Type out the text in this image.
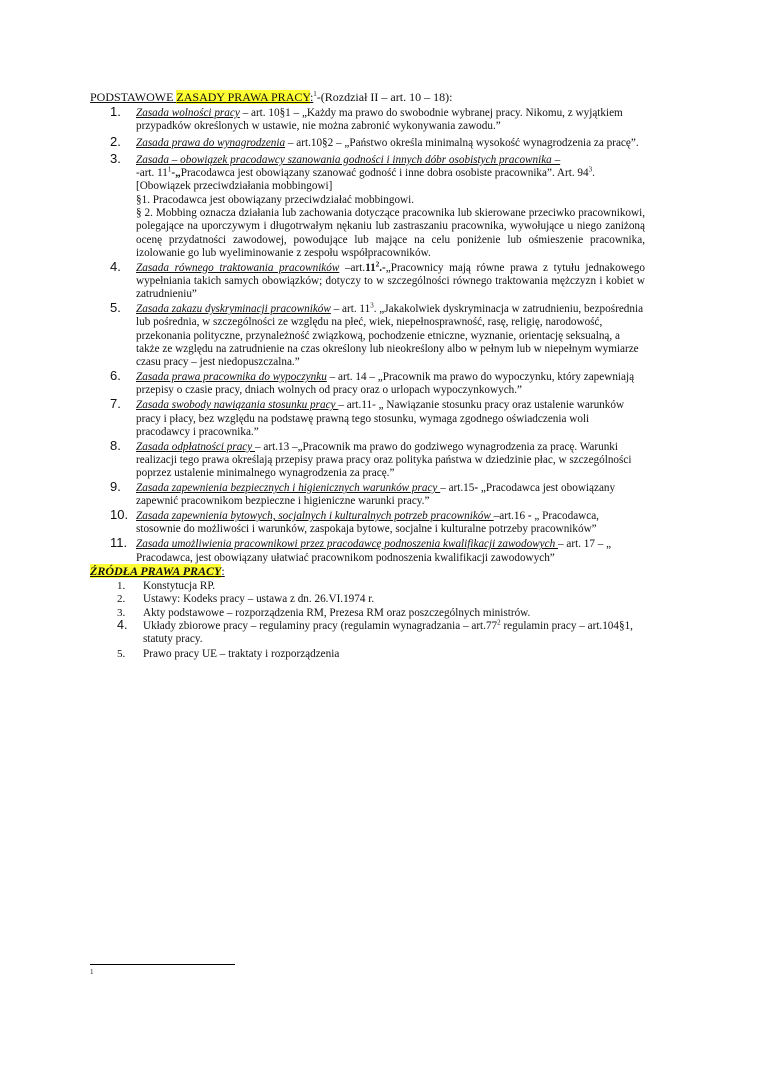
PODSTAWOWE ZASADY PRAWA PRACY:$^1$-(Rozdział II – art. 10 – 18):
1.	Zasada wolności pracy – art. 10§1 – „Każdy ma prawo do swobodnie wybranej pracy. Nikomu, z wyjątkiem przypadków określonych w ustawie, nie można zabronić wykonywania zawodu.”
2.	Zasada prawa do wynagrodzenia – art.10§2 – „Państwo określa minimalną wysokość wynagrodzenia za pracę”.
3.	Zasada – obowiązek pracodawcy szanowania godności i innych dóbr osobistych pracownika –
-art. $11^1-„Pracodawca$ jest obowiązany szanować godność i inne dobra osobiste pracownika”. Art. $94^3$. [Obowiązek przeciwdziałania mobbingowi]
§1. Pracodawca jest obowiązany przeciwdziałać mobbingowi.
§ 2. Mobbing oznacza działania lub zachowania dotyczące pracownika lub skierowane przeciwko pracownikowi, polegające na uporczywym i długotrwałym nękaniu lub zastraszaniu pracownika, wywołujące u niego zaniżoną ocenę przydatności zawodowej, powodujące lub mające na celu poniżenie lub ośmieszenie pracownika, izolowanie go lub wyeliminowanie z zespołu współpracowników.
4.	Zasada równego traktowania pracowników $-art.11^2.-„Pracownicy$ mają równe prawa z tytułu jednakowego wypełniania takich samych obowiązków; dotyczy to w szczególności równego traktowania mężczyzn i kobiet w zatrudnieniu”
5.	Zasada zakazu dyskryminacji pracowników – art. $11^3$. „Jakakolwiek dyskryminacja w zatrudnieniu, bezpośrednia lub pośrednia, w szczególności ze względu na płeć, wiek, niepełnosprawność, rasę, religię, narodowość, przekonania polityczne, przynależność związkową, pochodzenie etniczne, wyznanie, orientację seksualną, a także ze względu na zatrudnienie na czas określony lub nieokreślony albo w pełnym lub w niepełnym wymiarze czasu pracy – jest niedopuszczalna.”
6.	Zasada prawa pracownika do wypoczynku – art. 14 – „Pracownik ma prawo do wypoczynku, który zapewniają przepisy o czasie pracy, dniach wolnych od pracy oraz o urlopach wypoczynkowych.”
7.	Zasada swobody nawiązania stosunku pracy – art.11- „ Nawiązanie stosunku pracy oraz ustalenie warunków pracy i płacy, bez względu na podstawę prawną tego stosunku, wymaga zgodnego oświadczenia woli pracodawcy i pracownika.”
8.	Zasada odpłatności pracy – art.13 –„Pracownik ma prawo do godziwego wynagrodzenia za pracę. Warunki realizacji tego prawa określają przepisy prawa pracy oraz polityka państwa w dziedzinie płac, w szczególności poprzez ustalenie minimalnego wynagrodzenia za pracę.”
9.	Zasada zapewnienia bezpiecznych i higienicznych warunków pracy – art.15- „Pracodawca jest obowiązany zapewnić pracownikom bezpieczne i higieniczne warunki pracy.”
10. Zasada zapewnienia bytowych, socjalnych i kulturalnych potrzeb pracowników –art.16 - „ Pracodawca, stosownie do możliwości i warunków, zaspokaja bytowe, socjalne i kulturalne potrzeby pracowników”
11. Zasada umożliwienia pracownikowi przez pracodawcę podnoszenia kwalifikacji zawodowych – art. 17 – „ Pracodawca, jest obowiązany ułatwiać pracownikom podnoszenia kwalifikacji zawodowych”
ŹRÓDŁA PRAWA PRACY:
1.	Konstytucja RP.
2.	Ustawy: Kodeks pracy – ustawa z dn. 26.VI.1974 r.
3.	Akty podstawowe – rozporządzenia RM, Prezesa RM oraz poszczególnych ministrów.
4.	Układy zbiorowe pracy – regulaminy pracy (regulamin wynagradzania – $art.77^2$ regulamin pracy – art.104§1, statuty pracy.
5.	Prawo pracy UE – traktaty i rozporządzenia
1
